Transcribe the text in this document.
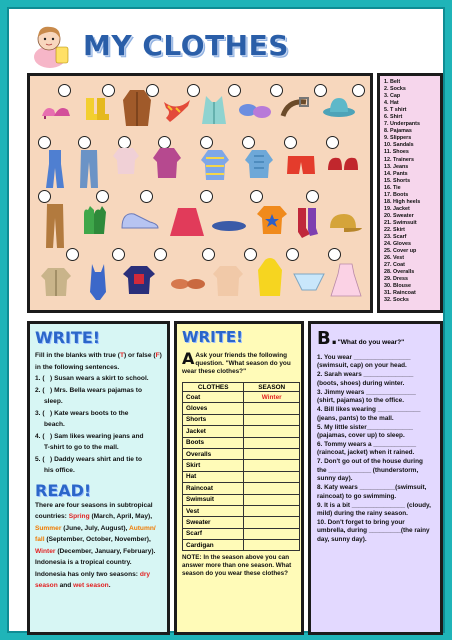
MY CLOTHES
1. Belt
2. Socks
3. Cap
4. Hat
5. T shirt
6. Shirt
7. Underpants
8. Pajamas
9. Slippers
10. Sandals
11. Shoes
12. Trainers
13. Jeans
14. Pants
15. Shorts
16. Tie
17. Boots
18. High heels
19. Jacket
20. Sweater
21. Swimsuit
22. Skirt
23. Scarf
24. Gloves
25. Cover up
26. Vest
27. Coat
28. Overalls
29. Dress
30. Blouse
31. Raincoat
32. Socks
WRITE!
Fill in the blanks with true (T) or false (F) in the following sentences.
1. ( ) Susan wears a skirt to school.
2. ( ) Mrs. Bella wears pajamas to
sleep.
3. ( ) Kate wears boots to the
beach.
4. ( ) Sam likes wearing jeans and
T-shirt to go to the mall.
5. ( ) Daddy wears shirt and tie to
his office.
READ!
There are four seasons in subtropical countries: Spring (March, April, May), Summer (June, July, August), Autumn/ fall (September, October, November), Winter (December, January, February). Indonesia is a tropical country. Indonesia has only two seasons: dry season and wet season.
WRITE!
A Ask your friends the following question. "What season do you wear these clothes?"
CLOTHES	SEASON
Coat	Winter
Gloves	
Shorts	
Jacket	
Boots	
Overalls	
Skirt	
Hat	
Raincoat	
Swimsuit	
Vest	
Sweater	
Scarf	
Cardigan	
NOTE: In the season above you can answer more than one season. What season do you wear these clothes?
B."What do you wear?"
1. You wear ________________ (swimsuit, cap) on your head.
2. Sarah wears ______________ (boots, shoes) during winter.
3. Jimmy wears ______________ (shirt, pajamas) to the office.
4. Bill likes wearing ____________ (jeans, pants) to the mall.
5. My little sister_____________ (pajamas, cover up) to sleep.
6. Tommy wears a ____________ (raincoat, jacket) when it rained.
7. Don't go out of the house during the ____________ (thunderstorm, sunny day).
8. Katy wears __________(swimsuit, raincoat) to go swimming.
9. It is a bit _______________ (cloudy, mild) during the rainy season.
10. Don't forget to bring your umbrella, during _________(the rainy day, sunny day).
